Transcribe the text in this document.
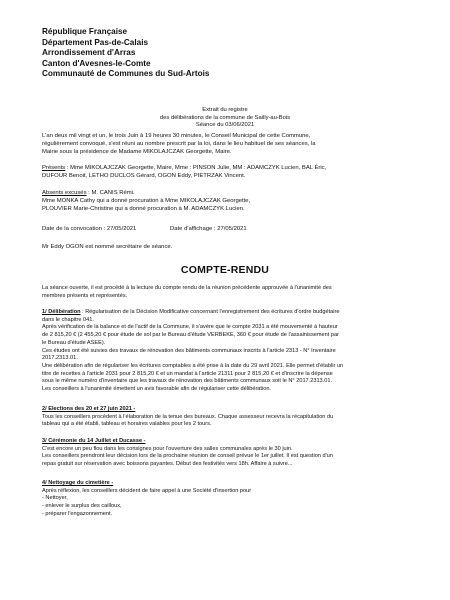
République Française
Département Pas-de-Calais
Arrondissement d'Arras
Canton d'Avesnes-le-Comte
Communauté de Communes du Sud-Artois
Extrait du registre
des délibérations de la commune de Sailly-au-Bois
Séance du 03/06/2021
L'an deux mil vingt et un, le trois Juin à 19 heures 30 minutes, le Conseil Municipal de cette Commune,
régulièrement convoqué, s'est réuni au nombre prescrit par la loi, dans le lieu habituel de ses séances, la
Mairie sous la présidence de Madame MIKOLAJCZAK Georgette, Maire.
Présents : Mme MIKOLAJCZAK Georgette, Maire, Mme : PINSON Julie, MM : ADAMCZYK Lucien, BAL Éric,
DUFOUR Benoit, LETHO DUCLOS Gérard, OGON Eddy, PIETRZAK Vincent.
Absents excusés : M. CANIS Rémi.
Mme MONKA Cathy qui a donné procuration à Mme MIKOLAJCZAK Georgette,
PLOUVIER Marie-Christine qui a donné procuration à M. ADAMCZYK Lucien.
Date de la convocation : 27/05/2021	Date d'affichage : 27/05/2021
Mr Eddy OGON est nommé secrétaire de séance.
COMPTE-RENDU
La séance ouverte, il est procédé à la lecture du compte rendu de la réunion précédente approuvée à l'unanimité des
membres présents et représentés.
1/ Délibération : Régularisation de la Décision Modificative concernant l'enregistrement des écritures d'ordre budgétaire
dans le chapitre 041.
Après vérification de la balance et de l'actif de la Commune, il s'avère que le compte 2031 a été mouvementé à hauteur
de 2 815,20 € (2 455,20 € pour étude de sol par le Bureau d'étude VERBEKE, 360 € pour étude de l'assainissement par
le Bureau d'étude ASEE).
Ces études ont été suivies des travaux de rénovation des bâtiments communaux inscrits à l'article 2313 - N° Inventaire
2017.2313.01.
Une délibération afin de régulariser les écritures comptables a été prise à la date du 29 avril 2021. Elle permet d'établir un
titre de recettes à l'article 2031 pour 2 815,20 € et un mandat à l'article 21311 pour 2 815,20 € et d'inscrire la dépense
sous le même numéro d'inventaire que les travaux de rénovation des bâtiments communaux soit le N° 2017.2313.01.
Les conseillers à l'unanimité émettent un avis favorable afin de régulariser cette délibération.
2/ Elections des 20 et 27 juin 2021 -
Tous les conseillers procèdent à l'élaboration de la tenue des bureaux. Chaque assesseur recevra la récapitulation du
tableau qui a été établi, tableau et horaires valables pour les 2 tours.
3/ Cérémonie du 14 Juillet et Ducasse -
C'est encore un peu flou dans les consignes pour l'ouverture des salles communales après le 30 juin.
Les conseillers prendront leur décision lors de la prochaine réunion de conseil prévue le 1er juillet. Il est question d'un
repas gratuit sur réservation avec boissons payantes. Début des festivités vers 18h. Affaire à suivre...
4/ Nettoyage du cimetière -
Après réflexion, les conseillers décident de faire appel à une Société d'insertion pour
- Nettoyer,
- enlever le surplus des cailloux,
- préparer l'engazonnement.
